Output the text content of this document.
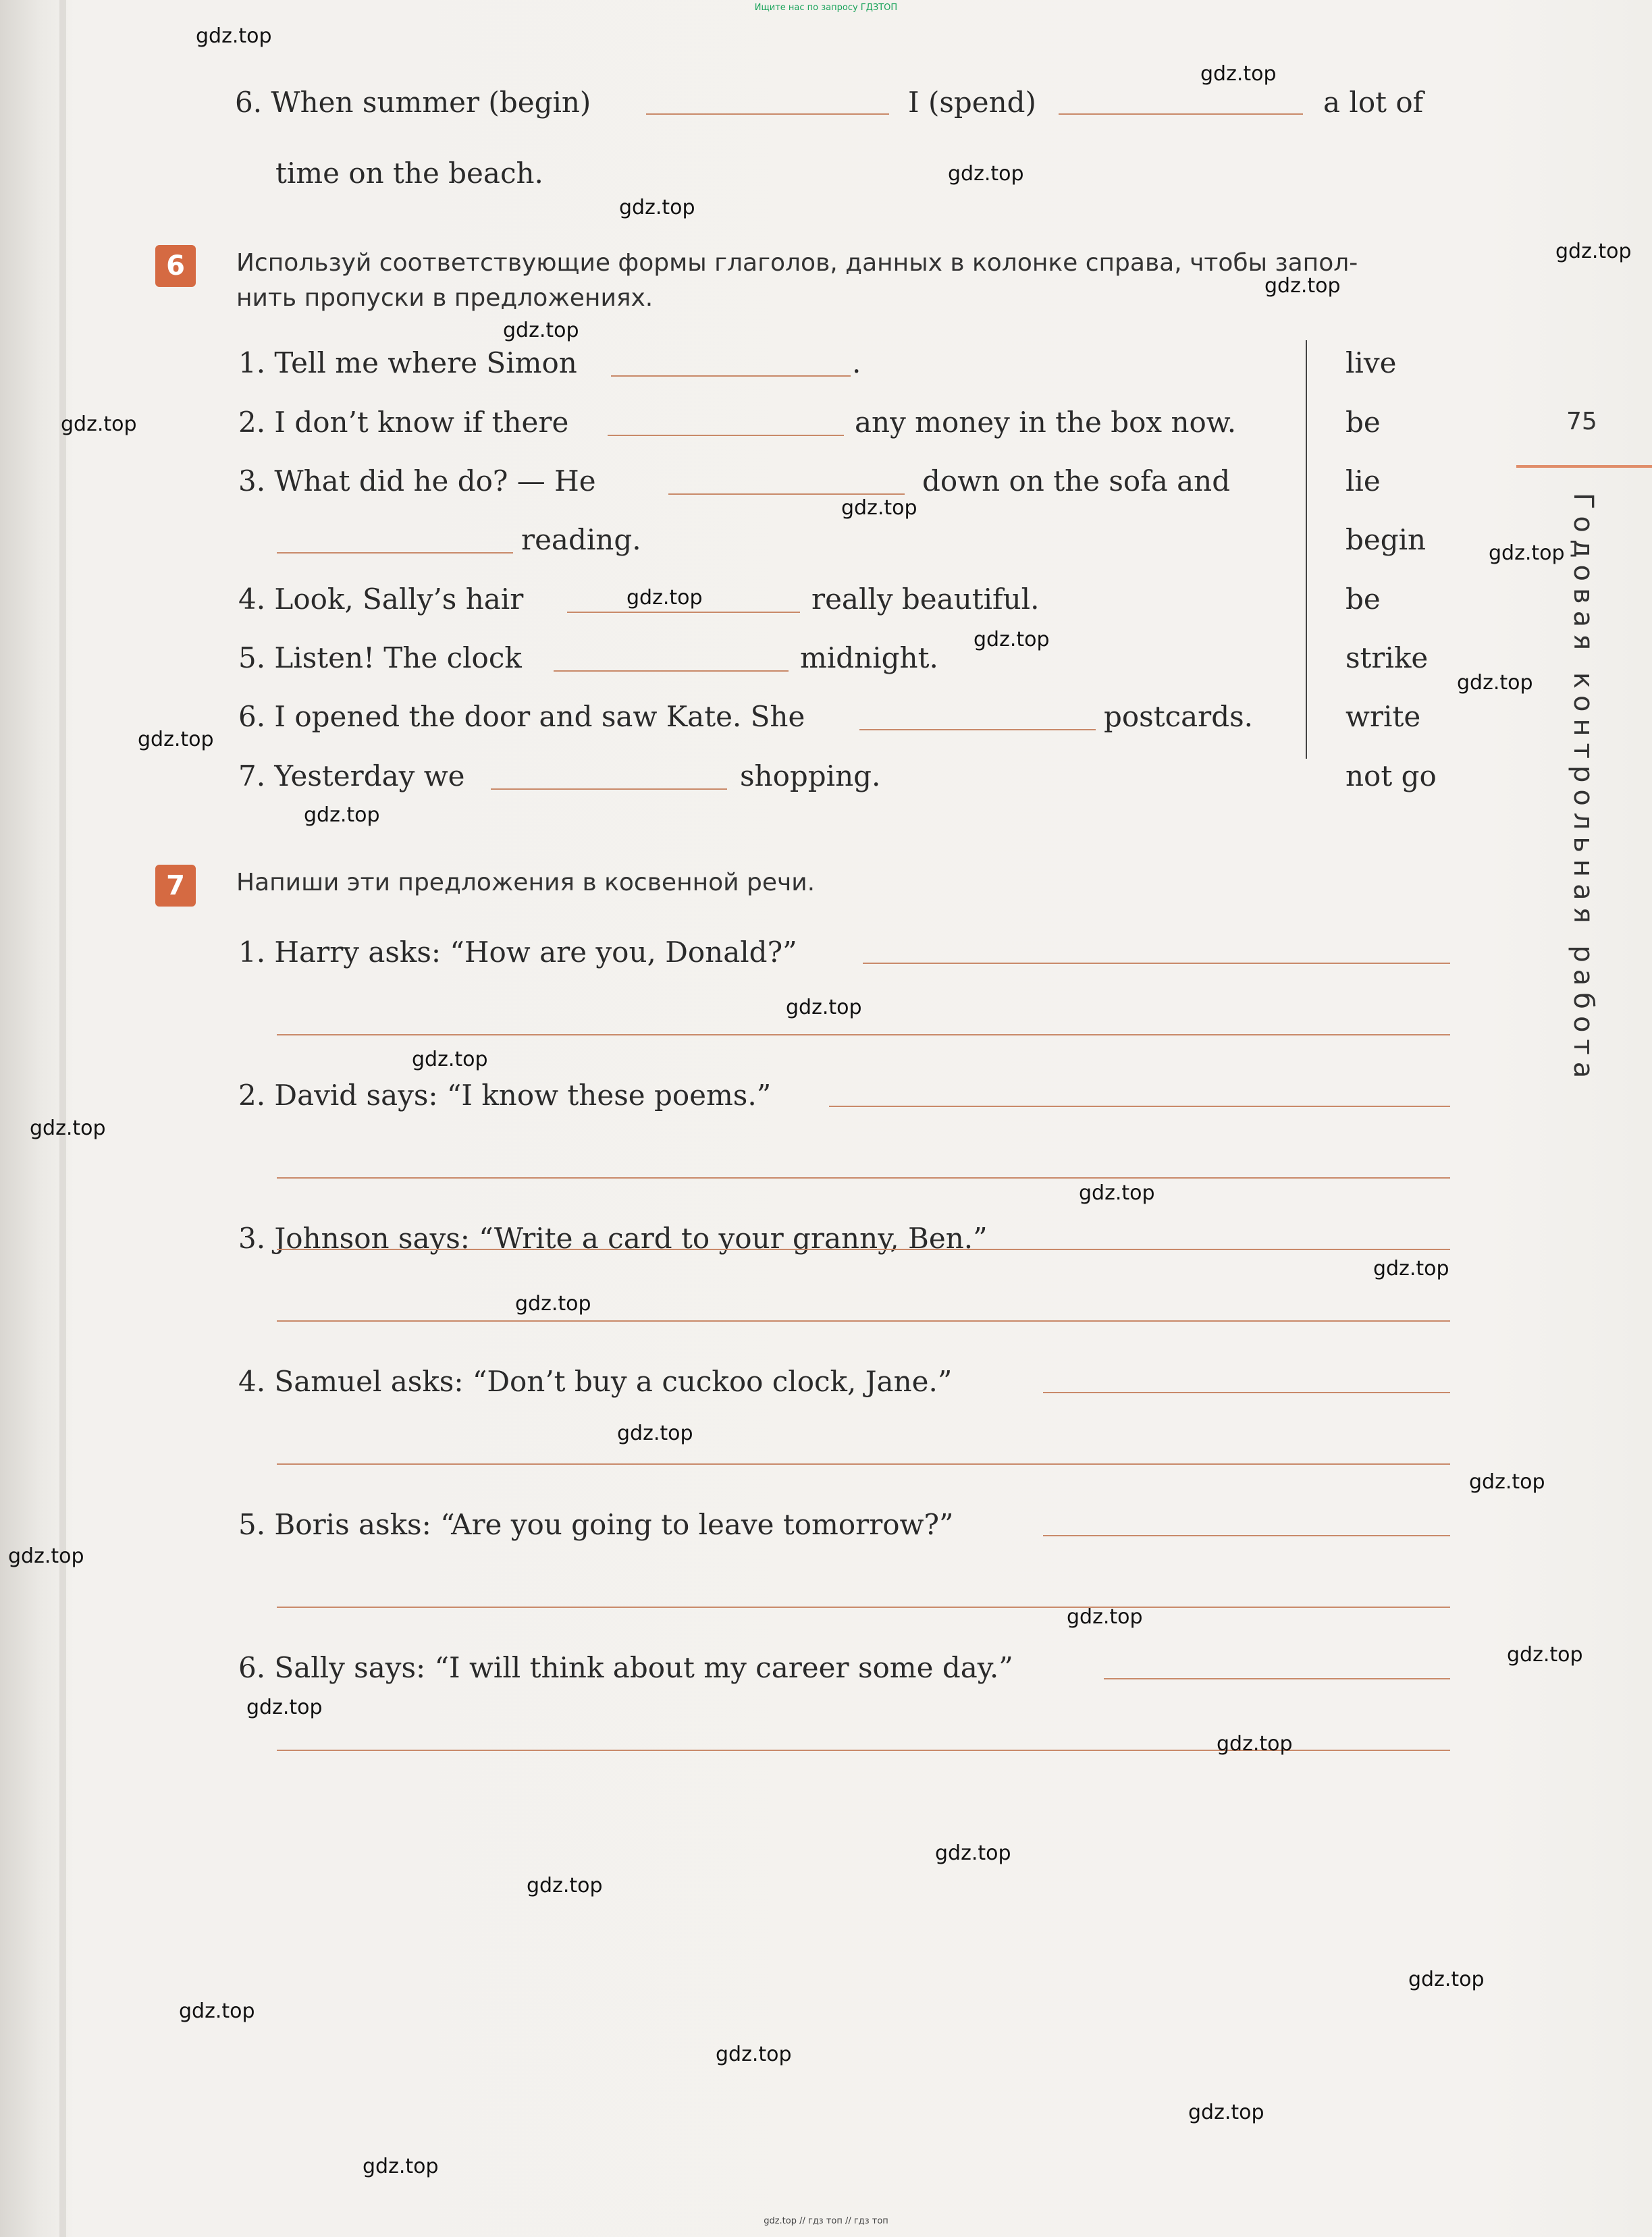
Ищите нас по запросу ГДЗТОП
6. When summer (begin)	I (spend)	a lot of
time on the beach.
6	Используй соответствующие формы глаголов, данных в колонке справа, чтобы запол-
нить пропуски в предложениях.
1. Tell me where Simon	.
2. I don’t know if there	any money in the box now.
3. What did he do? — He	down on the sofa and
reading.
4. Look, Sally’s hair	really beautiful.
5. Listen! The clock	midnight.
6. I opened the door and saw Kate. She	postcards.
7. Yesterday we	shopping.
live
be
lie
begin
be
strike
write
not go
7	Напиши эти предложения в косвенной речи.
1. Harry asks: “How are you, Donald?”
2. David says: “I know these poems.”
3. Johnson says: “Write a card to your granny, Ben.”
4. Samuel asks: “Don’t buy a cuckoo clock, Jane.”
5. Boris asks: “Are you going to leave tomorrow?”
6. Sally says: “I will think about my career some day.”
75
Годовая контрольная работа
gdz.top
gdz.top
gdz.top
gdz.top
gdz.top
gdz.top
gdz.top
gdz.top
gdz.top
gdz.top
gdz.top
gdz.top
gdz.top
gdz.top
gdz.top
gdz.top
gdz.top
gdz.top
gdz.top
gdz.top
gdz.top
gdz.top
gdz.top
gdz.top
gdz.top
gdz.top
gdz.top
gdz.top
gdz.top
gdz.top
gdz.top
gdz.top
gdz.top
gdz.top
gdz.top
gdz.top // гдз топ // гдз топ
